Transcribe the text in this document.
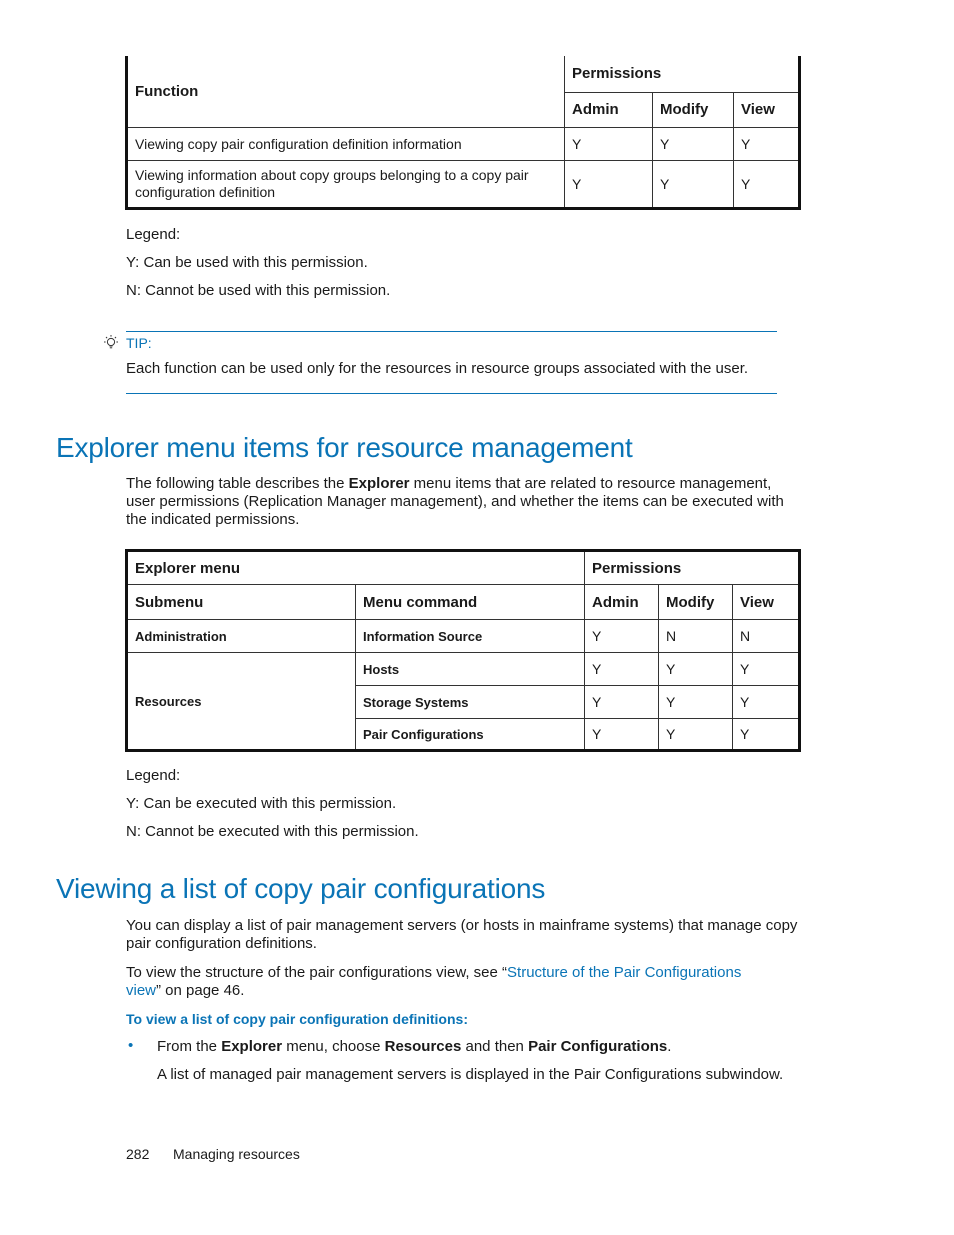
Function	Permissions		
	Admin	Modify	View
Viewing copy pair configuration definition information	Y	Y	Y
Viewing information about copy groups belonging to a copy pair configuration definition	Y	Y	Y
Legend:
Y: Can be used with this permission.
N: Cannot be used with this permission.
TIP:
Each function can be used only for the resources in resource groups associated with the user.
Explorer menu items for resource management
The following table describes the Explorer menu items that are related to resource management, user permissions (Replication Manager management), and whether the items can be executed with the indicated permissions.
Explorer menu		Permissions		
Submenu	Menu command	Admin	Modify	View
Administration	Information Source	Y	N	N
Resources	Hosts	Y	Y	Y
	Storage Systems	Y	Y	Y
	Pair Configurations	Y	Y	Y
Legend:
Y: Can be executed with this permission.
N: Cannot be executed with this permission.
Viewing a list of copy pair configurations
You can display a list of pair management servers (or hosts in mainframe systems) that manage copy pair configuration definitions.
To view the structure of the pair configurations view, see “Structure of the Pair Configurations
view” on page 46.
To view a list of copy pair configuration definitions:
• From the Explorer menu, choose Resources and then Pair Configurations.
A list of managed pair management servers is displayed in the Pair Configurations subwindow.
282 Managing resources
